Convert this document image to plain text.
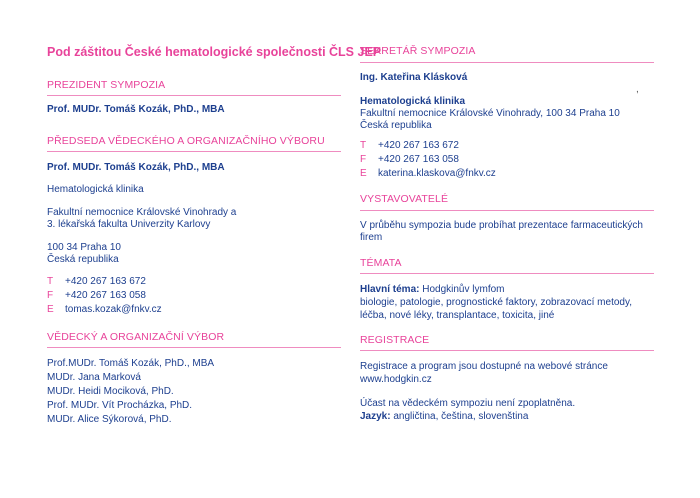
Pod záštitou České hematologické společnosti ČLS JEP
PREZIDENT SYMPOZIA
Prof. MUDr. Tomáš Kozák, PhD., MBA
PŘEDSEDA VĚDECKÉHO A ORGANIZAČNÍHO VÝBORU
Prof. MUDr. Tomáš Kozák, PhD., MBA
Hematologická klinika
Fakultní nemocnice Královské Vinohrady a
3. lékařská fakulta Univerzity Karlovy
100 34 Praha 10
Česká republika
T +420 267 163 672
F +420 267 163 058
E tomas.kozak@fnkv.cz
VĚDECKÝ A ORGANIZAČNÍ VÝBOR
Prof.MUDr. Tomáš Kozák, PhD., MBA
MUDr. Jana Marková
MUDr. Heidi Mociková, PhD.
Prof. MUDr. Vít Procházka, PhD.
MUDr. Alice Sýkorová, PhD.
SEKRETÁŘ SYMPOZIA
Ing. Kateřina Klásková
,
Hematologická klinika
Fakultní nemocnice Královské Vinohrady, 100 34 Praha 10
Česká republika
T +420 267 163 672
F +420 267 163 058
E katerina.klaskova@fnkv.cz
VYSTAVOVATELÉ
V průběhu sympozia bude probíhat prezentace farmaceutických firem
TÉMATA
Hlavní téma: Hodgkinův lymfom
biologie, patologie, prognostické faktory, zobrazovací metody, léčba, nové léky, transplantace, toxicita, jiné
REGISTRACE
Registrace a program jsou dostupné na webové stránce
www.hodgkin.cz
Účast na vědeckém sympoziu není zpoplatněna.
Jazyk: angličtina, čeština, slovenština
